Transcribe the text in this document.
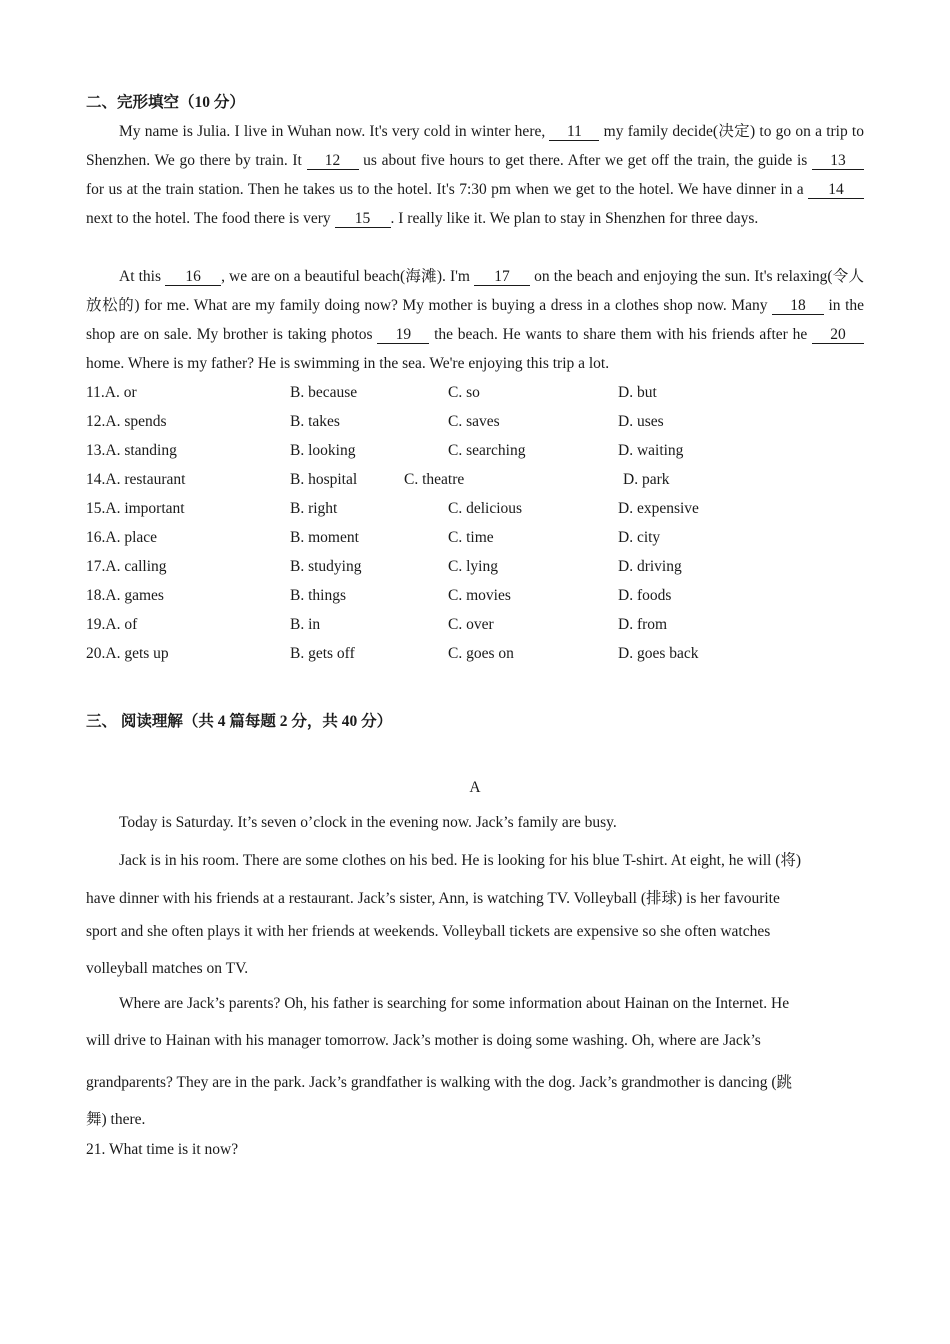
二、完形填空（10 分）

My name is Julia. I live in Wuhan now. It's very cold in winter here, 11 my family decide(决定) to go on a trip to Shenzhen. We go there by train. It 12 us about five hours to get there. After we get off the train, the guide is 13 for us at the train station. Then he takes us to the hotel. It's 7:30 pm when we get to the hotel. We have dinner in a 14 next to the hotel. The food there is very 15 . I really like it. We plan to stay in Shenzhen for three days.

At this 16 , we are on a beautiful beach(海滩). I'm 17 on the beach and enjoying the sun. It's relaxing(令人放松的) for me. What are my family doing now? My mother is buying a dress in a clothes shop now. Many 18 in the shop are on sale. My brother is taking photos 19 the beach. He wants to share them with his friends after he 20 home. Where is my father? He is swimming in the sea. We're enjoying this trip a lot.

11.A. or	B. because	C. so	D. but
12.A. spends	B. takes	C. saves	D. uses
13.A. standing	B. looking	C. searching	D. waiting
14.A. restaurant	B. hospital	C. theatre	D. park
15.A. important	B. right	C. delicious	D. expensive
16.A. place	B. moment	C. time	D. city
17.A. calling	B. studying	C. lying	D. driving
18.A. games	B. things	C. movies	D. foods
19.A. of	B. in	C. over	D. from
20.A. gets up	B. gets off	C. goes on	D. goes back
三、 阅读理解（共 4 篇每题 2 分，共 40 分）
A
Today is Saturday. It’s seven o’clock in the evening now. Jack’s family are busy.
Jack is in his room. There are some clothes on his bed. He is looking for his blue T-shirt. At eight, he will (将)
have dinner with his friends at a restaurant. Jack’s sister, Ann, is watching TV. Volleyball (排球) is her favourite
sport and she often plays it with her friends at weekends. Volleyball tickets are expensive so she often watches
volleyball matches on TV.
Where are Jack’s parents? Oh, his father is searching for some information about Hainan on the Internet. He
will drive to Hainan with his manager tomorrow. Jack’s mother is doing some washing. Oh, where are Jack’s
grandparents? They are in the park. Jack’s grandfather is walking with the dog. Jack’s grandmother is dancing (跳
舞) there.
21. What time is it now?
